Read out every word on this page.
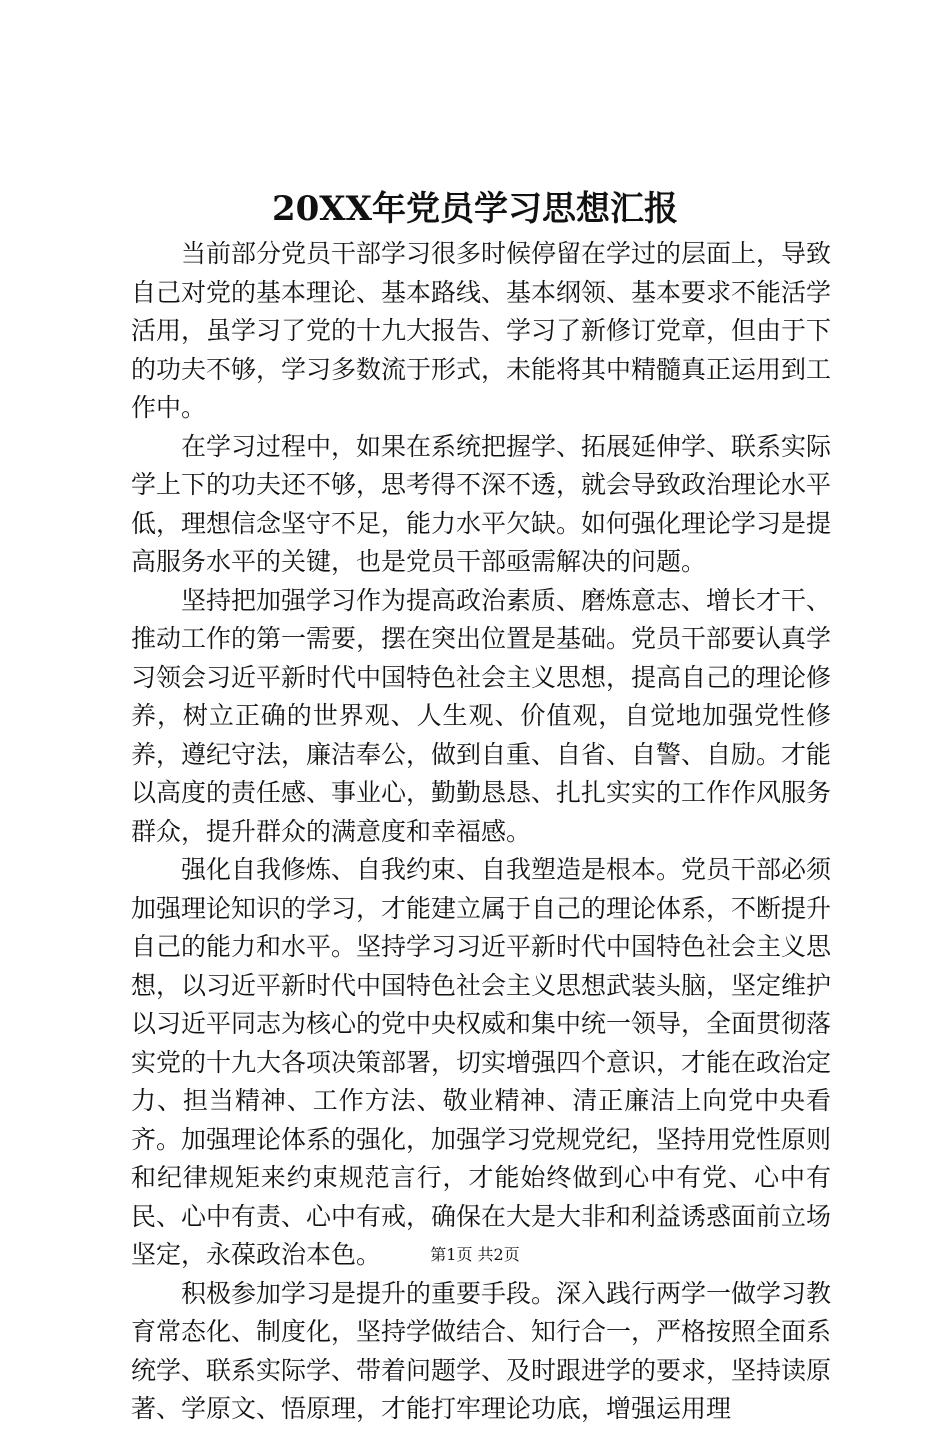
20XX年党员学习思想汇报

当前部分党员干部学习很多时候停留在学过的层面上，导致自己对党的基本理论、基本路线、基本纲领、基本要求不能活学活用，虽学习了党的十九大报告、学习了新修订党章，但由于下的功夫不够，学习多数流于形式，未能将其中精髓真正运用到工作中。

在学习过程中，如果在系统把握学、拓展延伸学、联系实际学上下的功夫还不够，思考得不深不透，就会导致政治理论水平低，理想信念坚守不足，能力水平欠缺。如何强化理论学习是提高服务水平的关键，也是党员干部亟需解决的问题。

坚持把加强学习作为提高政治素质、磨炼意志、增长才干、推动工作的第一需要，摆在突出位置是基础。党员干部要认真学习领会习近平新时代中国特色社会主义思想，提高自己的理论修养，树立正确的世界观、人生观、价值观，自觉地加强党性修养，遵纪守法，廉洁奉公，做到自重、自省、自警、自励。才能以高度的责任感、事业心，勤勤恳恳、扎扎实实的工作作风服务群众，提升群众的满意度和幸福感。

强化自我修炼、自我约束、自我塑造是根本。党员干部必须加强理论知识的学习，才能建立属于自己的理论体系，不断提升自己的能力和水平。坚持学习习近平新时代中国特色社会主义思想，以习近平新时代中国特色社会主义思想武装头脑，坚定维护以习近平同志为核心的党中央权威和集中统一领导，全面贯彻落实党的十九大各项决策部署，切实增强四个意识，才能在政治定力、担当精神、工作方法、敬业精神、清正廉洁上向党中央看齐。加强理论体系的强化，加强学习党规党纪，坚持用党性原则和纪律规矩来约束规范言行，才能始终做到心中有党、心中有民、心中有责、心中有戒，确保在大是大非和利益诱惑面前立场坚定，永葆政治本色。

积极参加学习是提升的重要手段。深入践行两学一做学习教育常态化、制度化，坚持学做结合、知行合一，严格按照全面系统学、联系实际学、带着问题学、及时跟进学的要求，坚持读原著、学原文、悟原理，才能打牢理论功底，增强运用理

第1页 共2页
